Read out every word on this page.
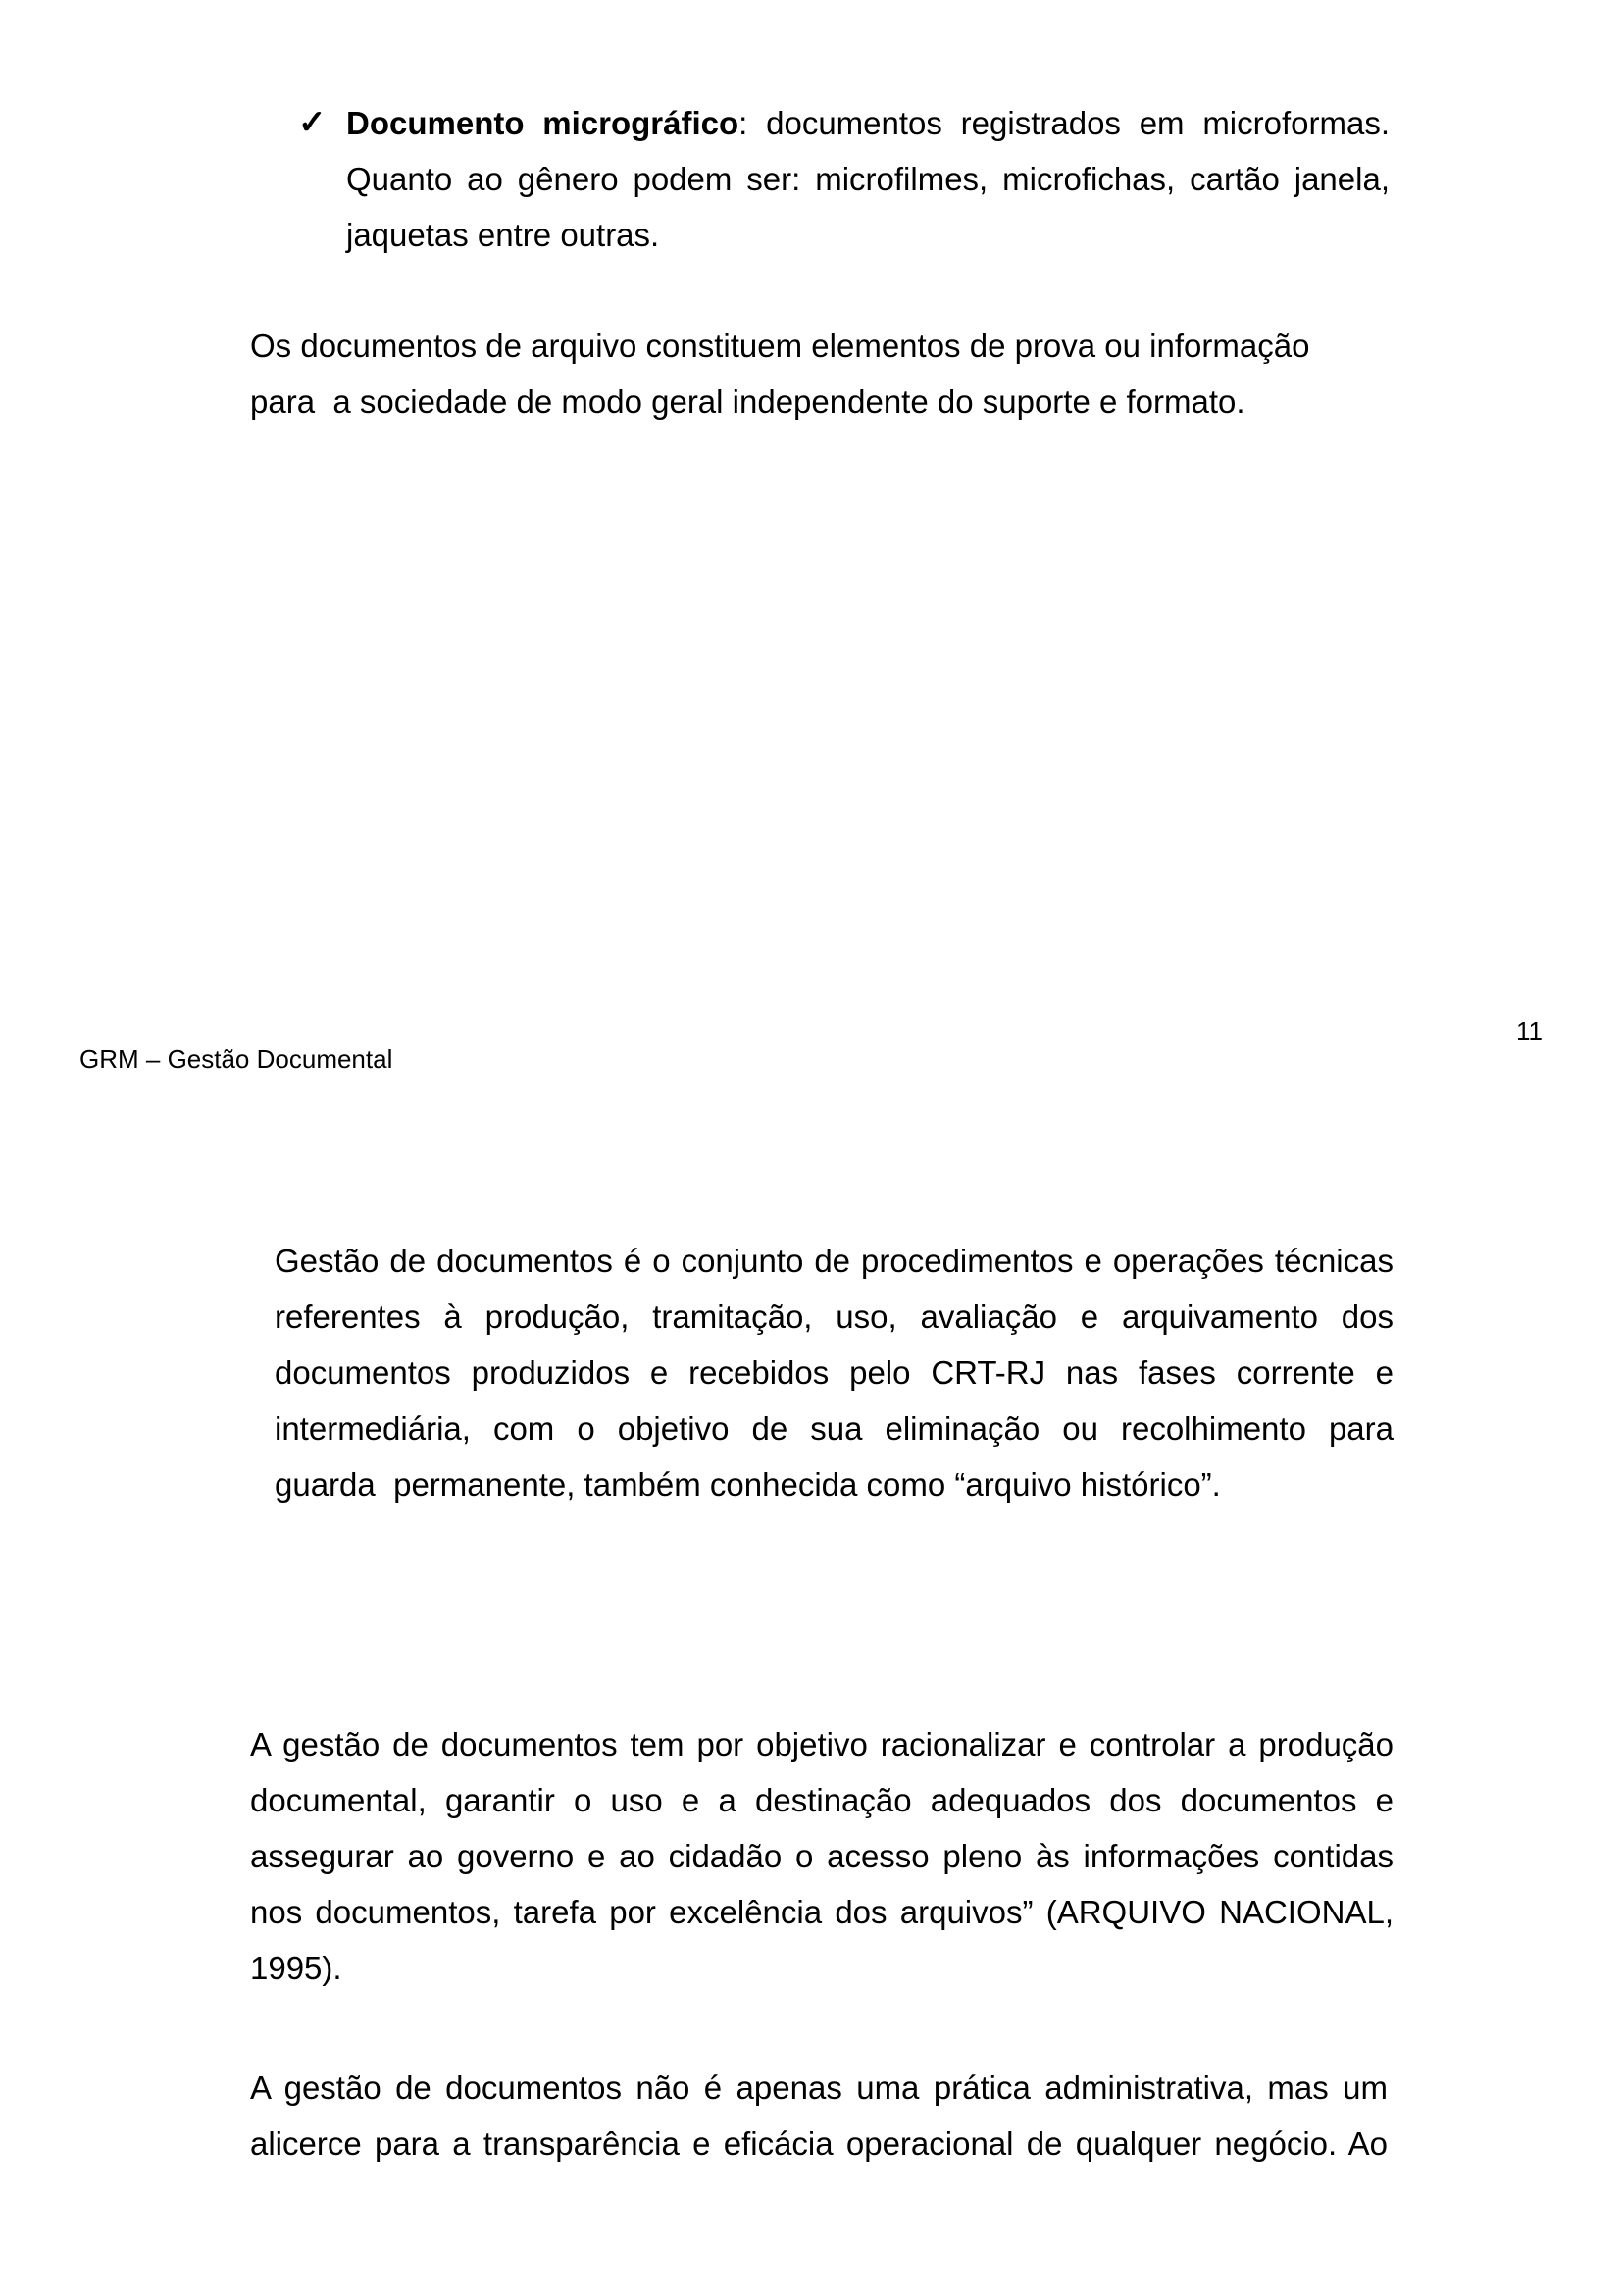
✓ Documento micrográfico: documentos registrados em microformas.
Quanto ao gênero podem ser: microfilmes, microfichas, cartão janela,
jaquetas entre outras.
Os documentos de arquivo constituem elementos de prova ou informação
para  a sociedade de modo geral independente do suporte e formato.
11
GRM – Gestão Documental
Gestão de documentos é o conjunto de procedimentos e operações técnicas
referentes à produção, tramitação, uso, avaliação e arquivamento dos
documentos produzidos e recebidos pelo CRT-RJ nas fases corrente e
intermediária, com o objetivo de sua eliminação ou recolhimento para
guarda  permanente, também conhecida como “arquivo histórico”.
A gestão de documentos tem por objetivo racionalizar e controlar a produção
documental, garantir o uso e a destinação adequados dos documentos e
assegurar ao governo e ao cidadão o acesso pleno às informações contidas
nos documentos, tarefa por excelência dos arquivos” (ARQUIVO NACIONAL,
1995).
A gestão de documentos não é apenas uma prática administrativa, mas um
alicerce para a transparência e eficácia operacional de qualquer negócio. Ao
